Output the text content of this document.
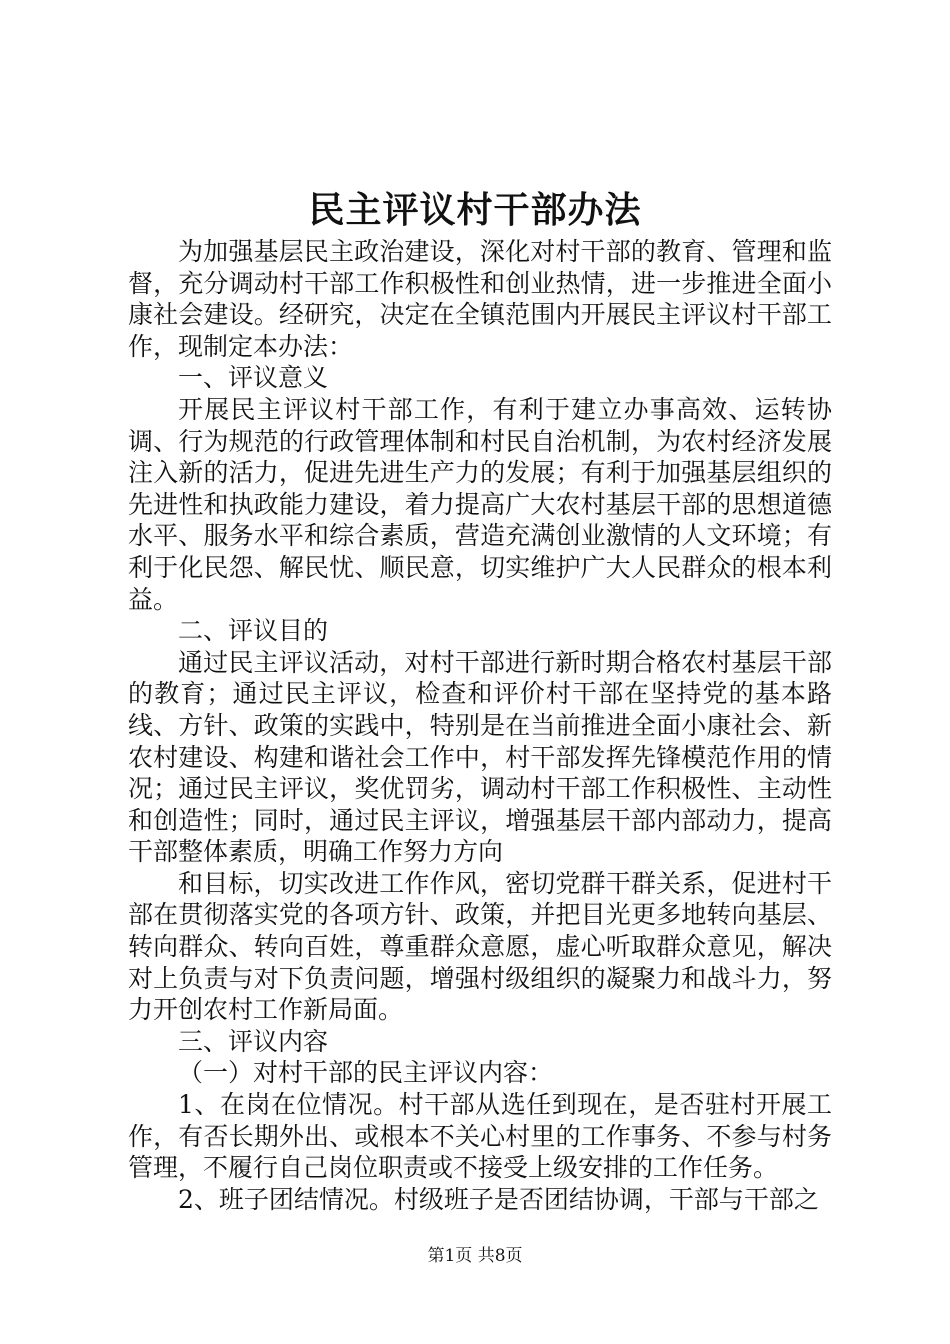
民主评议村干部办法

为加强基层民主政治建设，深化对村干部的教育、管理和监督，充分调动村干部工作积极性和创业热情，进一步推进全面小康社会建设。经研究，决定在全镇范围内开展民主评议村干部工作，现制定本办法：

一、评议意义

开展民主评议村干部工作，有利于建立办事高效、运转协调、行为规范的行政管理体制和村民自治机制，为农村经济发展注入新的活力，促进先进生产力的发展；有利于加强基层组织的先进性和执政能力建设，着力提高广大农村基层干部的思想道德水平、服务水平和综合素质，营造充满创业激情的人文环境；有利于化民怨、解民忧、顺民意，切实维护广大人民群众的根本利益。

二、评议目的

通过民主评议活动，对村干部进行新时期合格农村基层干部的教育；通过民主评议，检查和评价村干部在坚持党的基本路线、方针、政策的实践中，特别是在当前推进全面小康社会、新农村建设、构建和谐社会工作中，村干部发挥先锋模范作用的情况；通过民主评议，奖优罚劣，调动村干部工作积极性、主动性和创造性；同时，通过民主评议，增强基层干部内部动力，提高干部整体素质，明确工作努力方向

和目标，切实改进工作作风，密切党群干群关系，促进村干部在贯彻落实党的各项方针、政策，并把目光更多地转向基层、转向群众、转向百姓，尊重群众意愿，虚心听取群众意见，解决对上负责与对下负责问题，增强村级组织的凝聚力和战斗力，努力开创农村工作新局面。

三、评议内容

（一）对村干部的民主评议内容：

1、在岗在位情况。村干部从选任到现在，是否驻村开展工作，有否长期外出、或根本不关心村里的工作事务、不参与村务管理，不履行自己岗位职责或不接受上级安排的工作任务。

2、班子团结情况。村级班子是否团结协调，干部与干部之

第1页 共8页
